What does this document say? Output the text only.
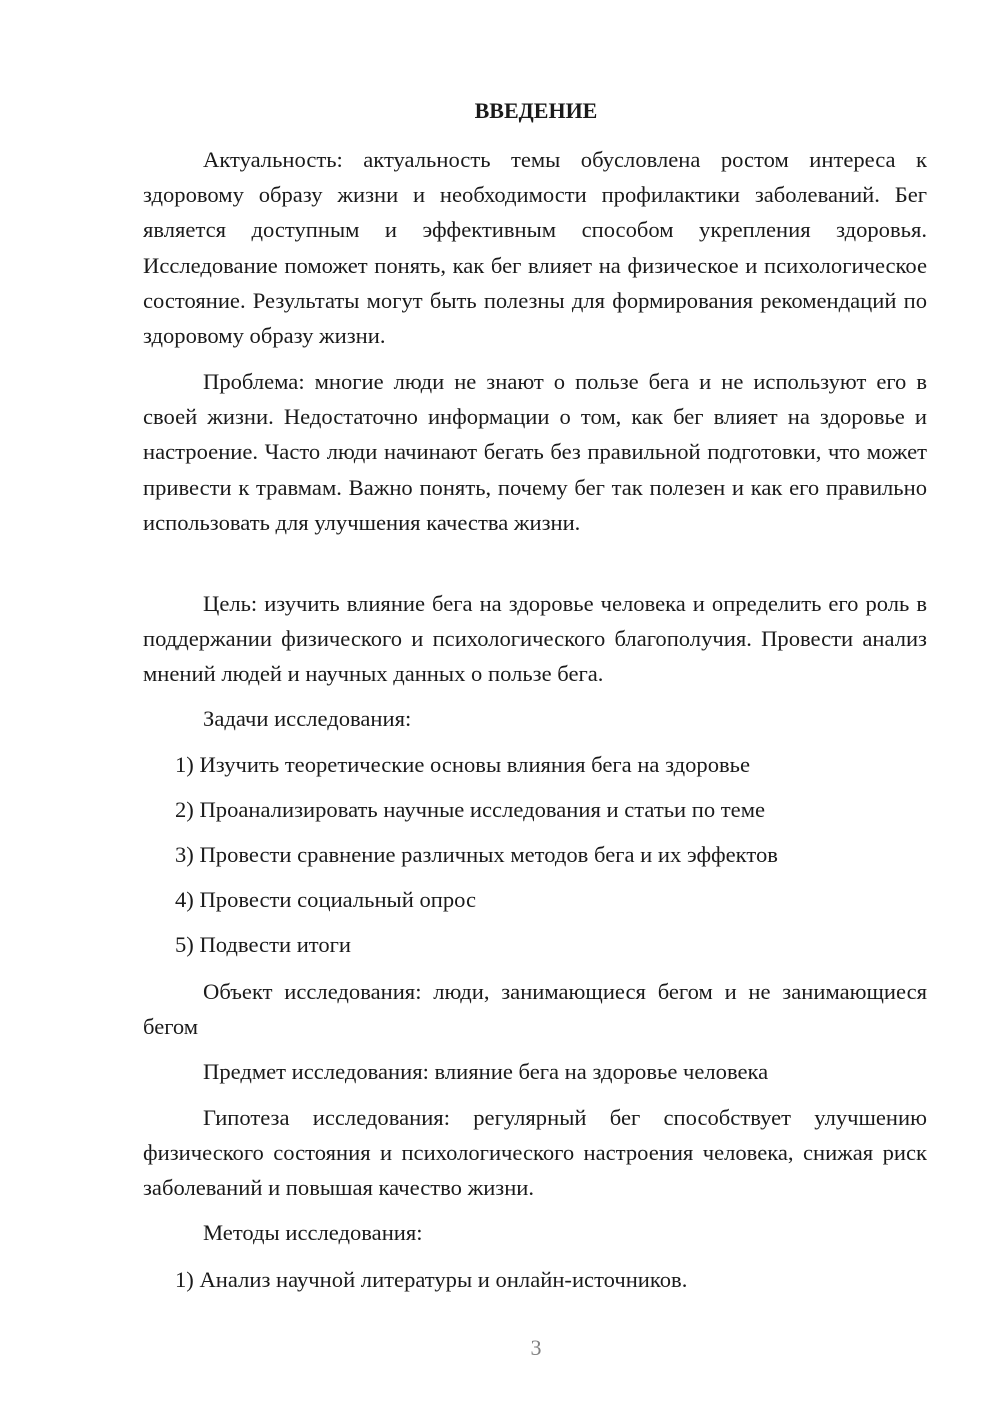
ВВЕДЕНИЕ

Актуальность: актуальность темы обусловлена ростом интереса к здоровому образу жизни и необходимости профилактики заболеваний. Бег является доступным и эффективным способом укрепления здоровья. Исследование поможет понять, как бег влияет на физическое и психологическое состояние. Результаты могут быть полезны для формирования рекомендаций по здоровому образу жизни.

Проблема: многие люди не знают о пользе бега и не используют его в своей жизни. Недостаточно информации о том, как бег влияет на здоровье и настроение. Часто люди начинают бегать без правильной подготовки, что может привести к травмам. Важно понять, почему бег так полезен и как его правильно использовать для улучшения качества жизни.

Цель: изучить влияние бега на здоровье человека и определить его роль в поддержании физического и психологического благополучия. Провести анализ мнений людей и научных данных о пользе бега.

Задачи исследования:

1) Изучить теоретические основы влияния бега на здоровье

2) Проанализировать научные исследования и статьи по теме

3) Провести сравнение различных методов бега и их эффектов

4) Провести социальный опрос

5) Подвести итоги

Объект исследования: люди, занимающиеся бегом и не занимающиеся бегом

Предмет исследования: влияние бега на здоровье человека

Гипотеза исследования: регулярный бег способствует улучшению физического состояния и психологического настроения человека, снижая риск заболеваний и повышая качество жизни.

Методы исследования:

1) Анализ научной литературы и онлайн-источников.

3
